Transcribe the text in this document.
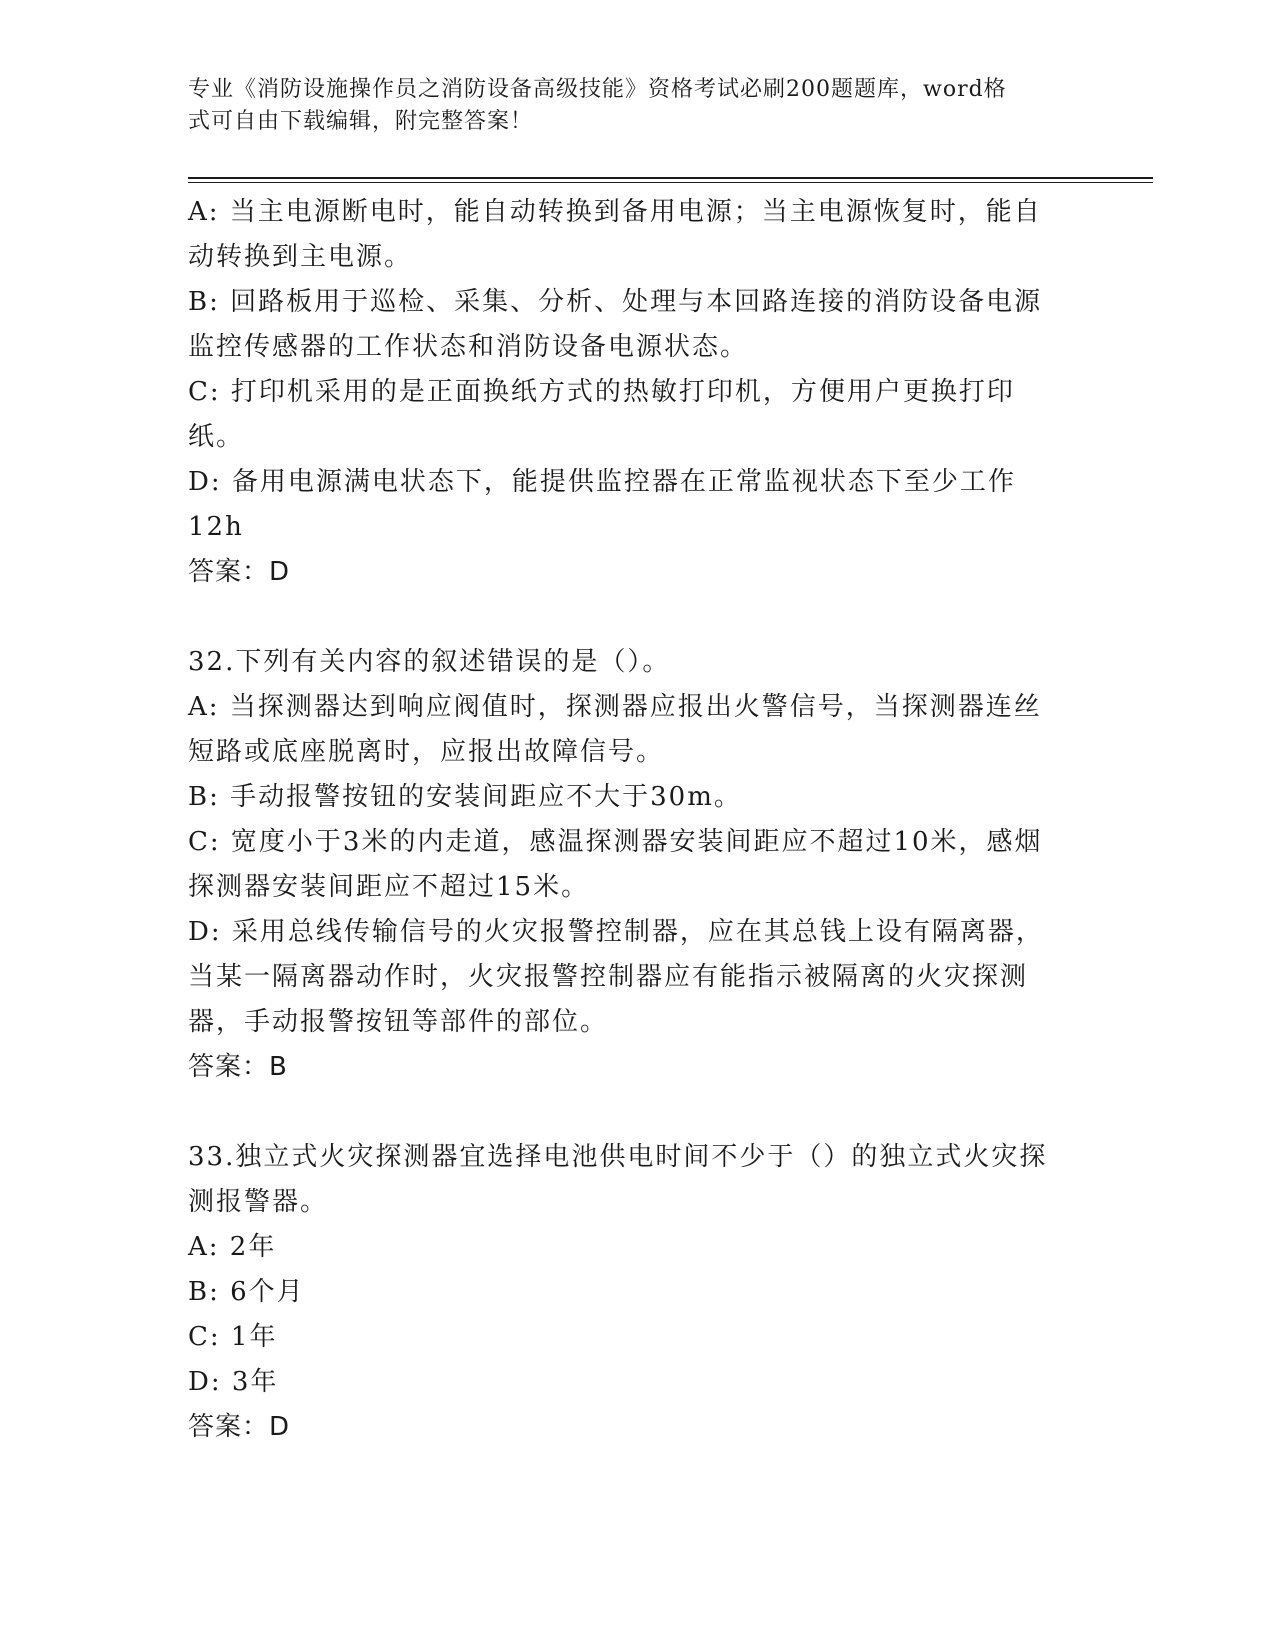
专业《消防设施操作员之消防设备高级技能》资格考试必刷200题题库，word格

式可自由下载编辑，附完整答案！

A: 当主电源断电时，能自动转换到备用电源；当主电源恢复时，能自动转换到主电源。

B: 回路板用于巡检、采集、分析、处理与本回路连接的消防设备电源监控传感器的工作状态和消防设备电源状态。

C: 打印机采用的是正面换纸方式的热敏打印机，方便用户更换打印纸。

D: 备用电源满电状态下，能提供监控器在正常监视状态下至少工作12h

答案：D

32.下列有关内容的叙述错误的是（）。

A: 当探测器达到响应阀值时，探测器应报出火警信号，当探测器连丝短路或底座脱离时，应报出故障信号。

B: 手动报警按钮的安装间距应不大于30m。

C: 宽度小于3米的内走道，感温探测器安装间距应不超过10米，感烟探测器安装间距应不超过15米。

D: 采用总线传输信号的火灾报警控制器，应在其总钱上设有隔离器，当某一隔离器动作时，火灾报警控制器应有能指示被隔离的火灾探测器，手动报警按钮等部件的部位。

答案：B

33.独立式火灾探测器宜选择电池供电时间不少于（）的独立式火灾探测报警器。

A: 2年

B: 6个月

C: 1年

D: 3年

答案：D
